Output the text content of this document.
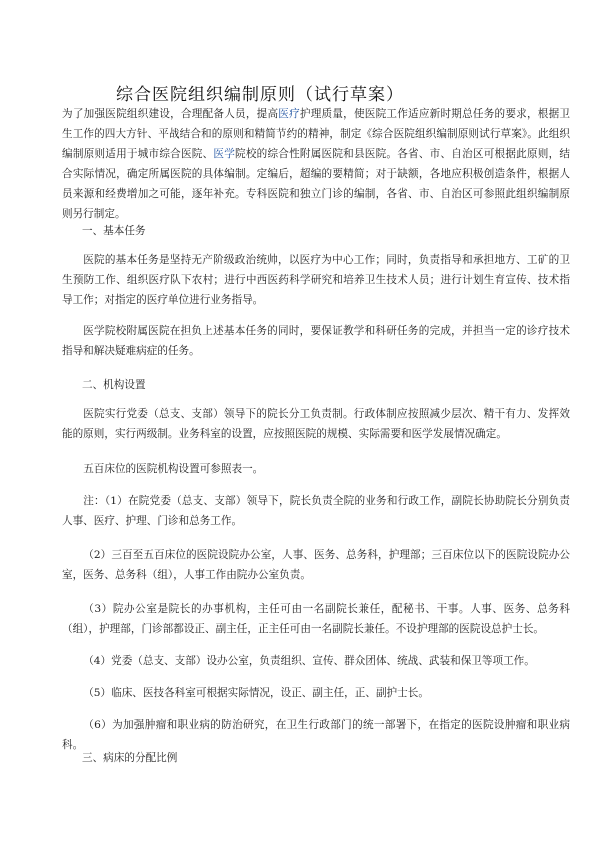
综合医院组织编制原则（试行草案）

为了加强医院组织建设，合理配备人员，提高医疗护理质量，使医院工作适应新时期总任务的要求，根据卫生工作的四大方针、平战结合和的原则和精简节约的精神，制定《综合医院组织编制原则试行草案》。此组织编制原则适用于城市综合医院、医学院校的综合性附属医院和县医院。各省、市、自治区可根据此原则，结合实际情况，确定所属医院的具体编制。定编后，超编的要精简；对于缺额，各地应积极创造条件，根据人员来源和经费增加之可能，逐年补充。专科医院和独立门诊的编制，各省、市、自治区可参照此组织编制原则另行制定。

一、基本任务

医院的基本任务是坚持无产阶级政治统帅，以医疗为中心工作；同时，负责指导和承担地方、工矿的卫生预防工作、组织医疗队下农村；进行中西医药科学研究和培养卫生技术人员；进行计划生育宣传、技术指导工作；对指定的医疗单位进行业务指导。

医学院校附属医院在担负上述基本任务的同时，要保证教学和科研任务的完成，并担当一定的诊疗技术指导和解决疑难病症的任务。

二、机构设置

医院实行党委（总支、支部）领导下的院长分工负责制。行政体制应按照减少层次、精干有力、发挥效能的原则，实行两级制。业务科室的设置，应按照医院的规模、实际需要和医学发展情况确定。

五百床位的医院机构设置可参照表一。

注：（1）在院党委（总支、支部）领导下，院长负责全院的业务和行政工作，副院长协助院长分别负责人事、医疗、护理、门诊和总务工作。

（2）三百至五百床位的医院设院办公室，人事、医务、总务科，护理部；三百床位以下的医院设院办公室，医务、总务科（组），人事工作由院办公室负责。

（3）院办公室是院长的办事机构，主任可由一名副院长兼任，配秘书、干事。人事、医务、总务科（组），护理部，门诊部都设正、副主任，正主任可由一名副院长兼任。不设护理部的医院设总护士长。

（4）党委（总支、支部）设办公室，负责组织、宣传、群众团体、统战、武装和保卫等项工作。

（5）临床、医技各科室可根据实际情况，设正、副主任，正、副护士长。

（6）为加强肿瘤和职业病的防治研究，在卫生行政部门的统一部署下，在指定的医院设肿瘤和职业病科。

三、病床的分配比例
